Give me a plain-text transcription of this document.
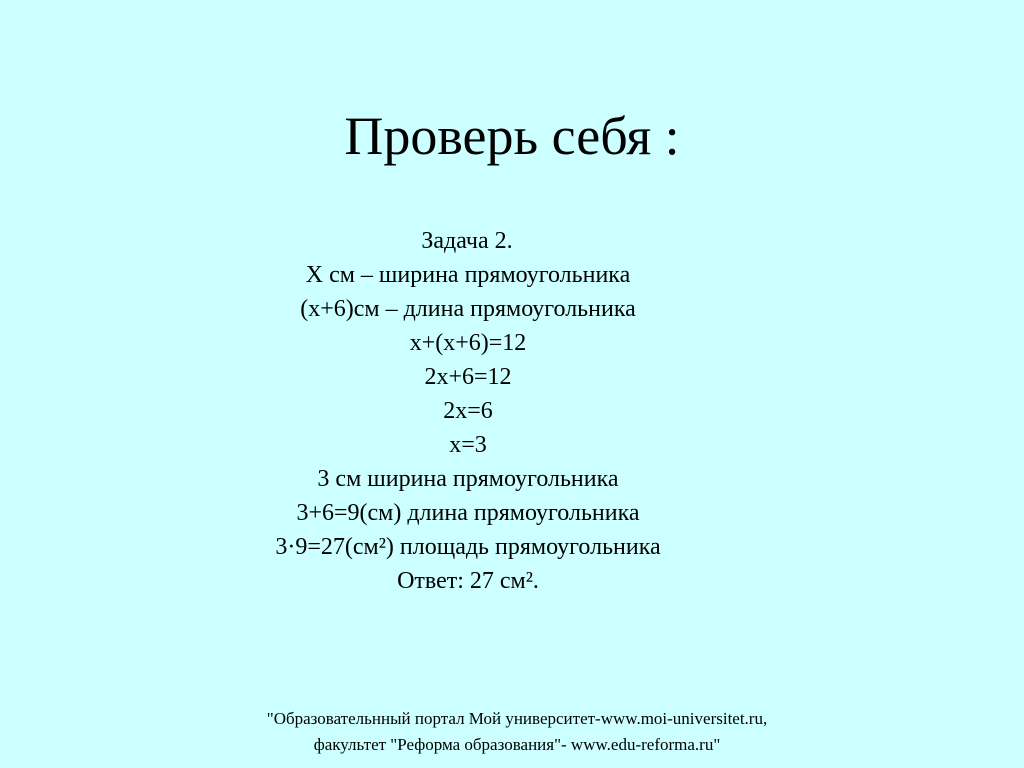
Проверь себя :
Задача 2.
Х см – ширина прямоугольника
(х+6)см – длина прямоугольника
х+(х+6)=12
2х+6=12
2х=6
х=3
3 см ширина прямоугольника
3+6=9(см) длина прямоугольника
3·9=27(см²) площадь прямоугольника
Ответ: 27 см².
"Образовательнный портал Мой университет-www.moi-universitet.ru,
факультет "Реформа образования"- www.edu-reforma.ru"
